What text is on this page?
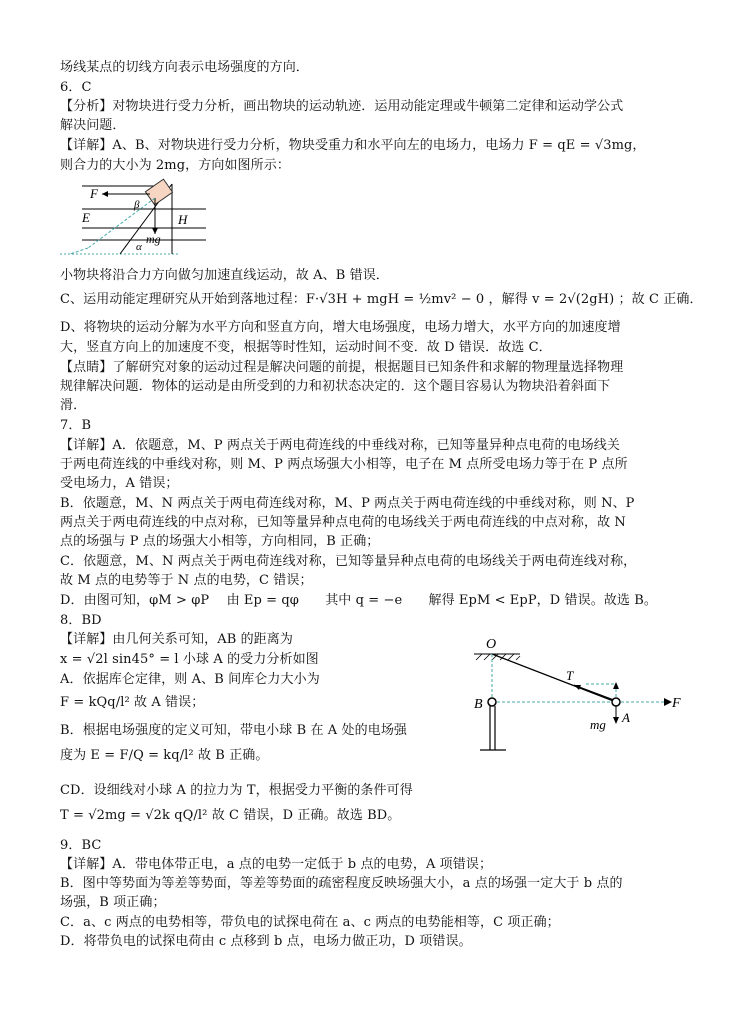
场线某点的切线方向表示电场强度的方向．
6．C
【分析】对物块进行受力分析，画出物块的运动轨迹．运用动能定理或牛顿第二定律和运动学公式
解决问题．
【详解】A、B、对物块进行受力分析，物块受重力和水平向左的电场力，电场力 F = qE = √3mg，
则合力的大小为 2mg，方向如图所示：
F
E
β
H
mg
α
小物块将沿合力方向做匀加速直线运动，故 A、B 错误．
C、运用动能定理研究从开始到落地过程：F·√3H + mgH = ½mv² − 0 ，解得 v = 2√(2gH) ；故 C 正确．
D、将物块的运动分解为水平方向和竖直方向，增大电场强度，电场力增大，水平方向的加速度增
大，竖直方向上的加速度不变，根据等时性知，运动时间不变．故 D 错误．故选 C．
【点睛】了解研究对象的运动过程是解决问题的前提，根据题目已知条件和求解的物理量选择物理
规律解决问题．物体的运动是由所受到的力和初状态决定的．这个题目容易认为物块沿着斜面下
滑．
7．B
【详解】A．依题意，M、P 两点关于两电荷连线的中垂线对称，已知等量异种点电荷的电场线关
于两电荷连线的中垂线对称，则 M、P 两点场强大小相等，电子在 M 点所受电场力等于在 P 点所
受电场力，A 错误；
B．依题意，M、N 两点关于两电荷连线对称，M、P 两点关于两电荷连线的中垂线对称，则 N、P
两点关于两电荷连线的中点对称，已知等量异种点电荷的电场线关于两电荷连线的中点对称，故 N
点的场强与 P 点的场强大小相等，方向相同，B 正确；
C．依题意，M、N 两点关于两电荷连线对称，已知等量异种点电荷的电场线关于两电荷连线对称，
故 M 点的电势等于 N 点的电势，C 错误；
D．由图可知，φM > φP　 由 Ep = qφ　　其中 q = −e　　解得 EpM < EpP，D 错误。故选 B。
8．BD
【详解】由几何关系可知，AB 的距离为
x = √2l sin45° = l 小球 A 的受力分析如图
A．依据库仑定律，则 A、B 间库仑力大小为
F = kQq/l² 故 A 错误；
B．根据电场强度的定义可知，带电小球 B 在 A 处的电场强
度为 E = F/Q = kq/l² 故 B 正确。
CD．设细线对小球 A 的拉力为 T，根据受力平衡的条件可得
T = √2mg = √2k qQ/l² 故 C 错误，D 正确。故选 BD。
9．BC
【详解】A．带电体带正电，a 点的电势一定低于 b 点的电势，A 项错误；
B．图中等势面为等差等势面，等差等势面的疏密程度反映场强大小，a 点的场强一定大于 b 点的
场强，B 项正确；
C．a、c 两点的电势相等，带负电的试探电荷在 a、c 两点的电势能相等，C 项正确；
D．将带负电的试探电荷由 c 点移到 b 点，电场力做正功，D 项错误。
O
T
B	F
mg A
